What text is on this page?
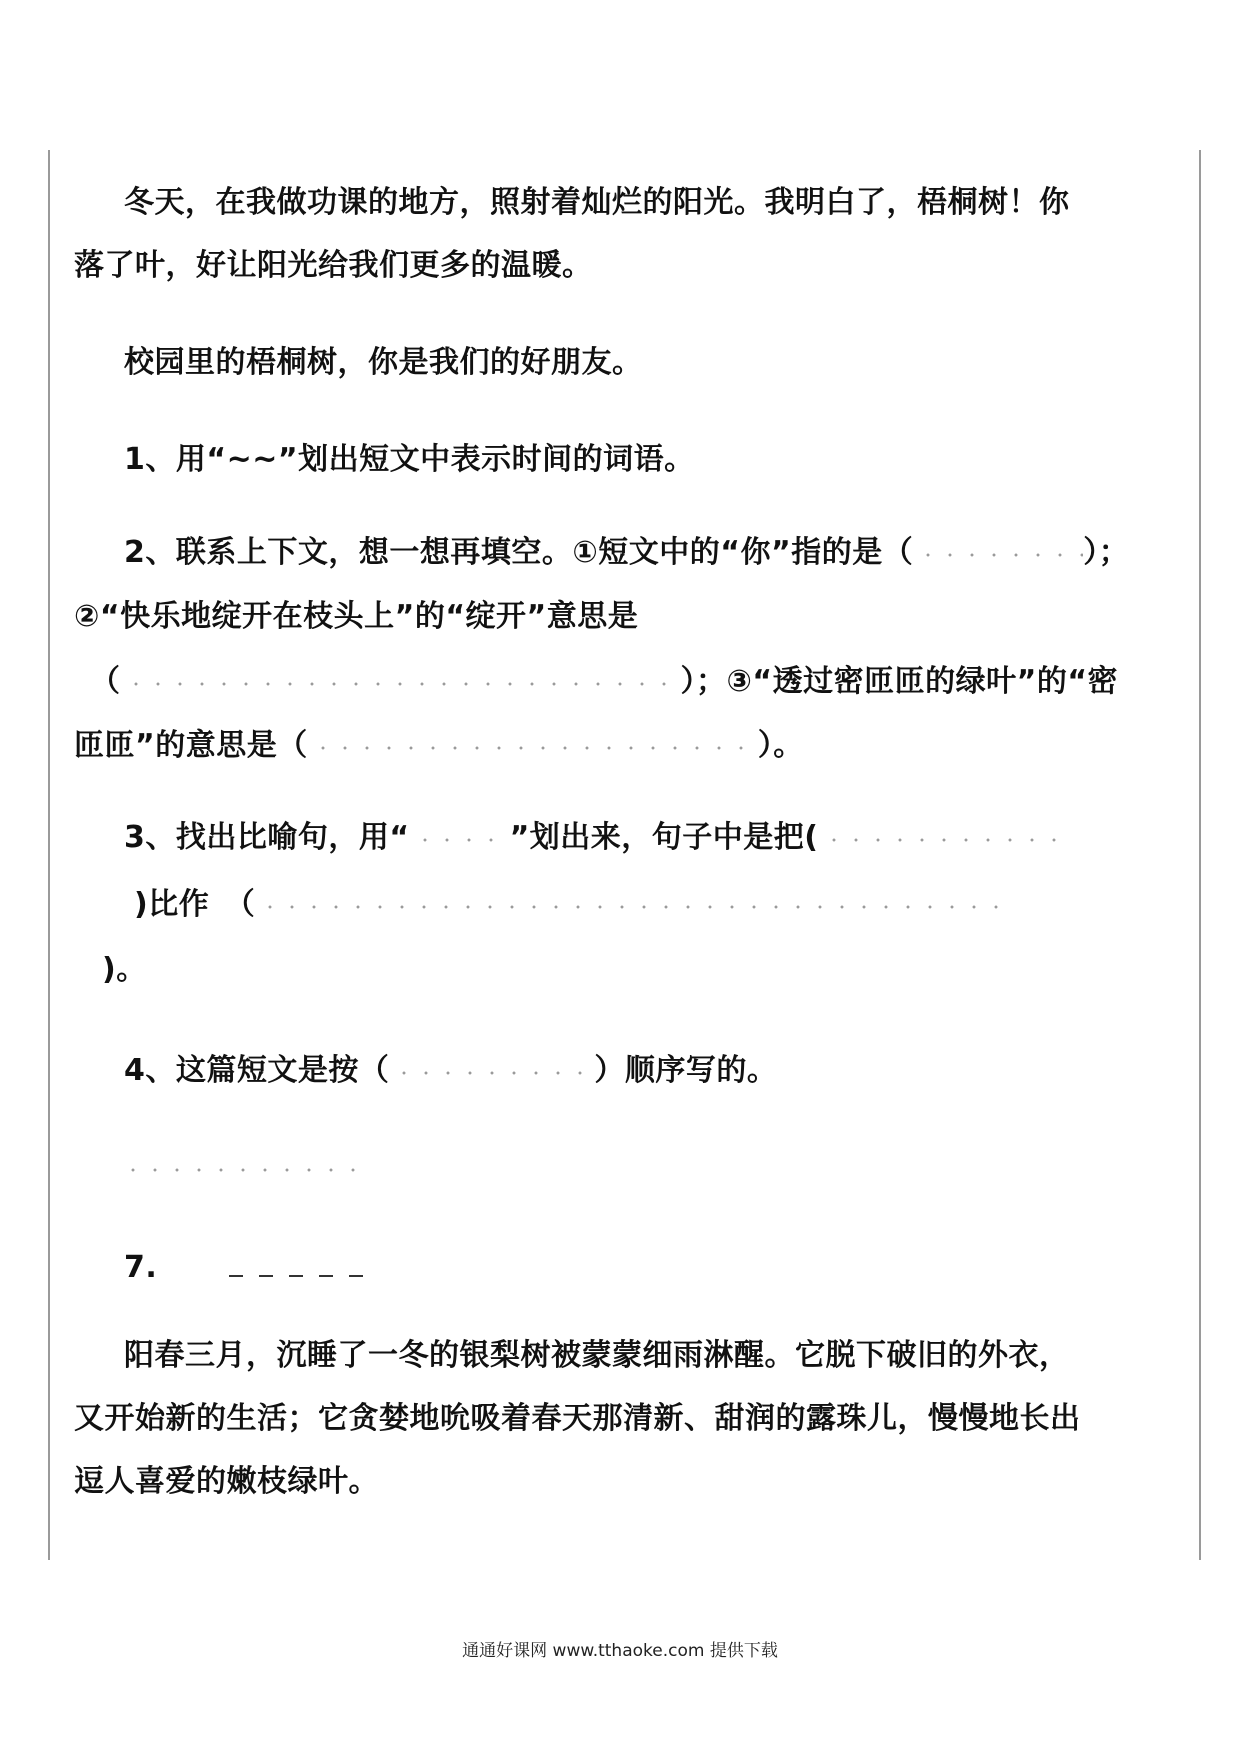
冬天，在我做功课的地方，照射着灿烂的阳光。我明白了，梧桐树！你
落了叶，好让阳光给我们更多的温暖。
校园里的梧桐树，你是我们的好朋友。
1、用“~~”划出短文中表示时间的词语。
2、联系上下文，想一想再填空。①短文中的“你”指的是（	）；
②“快乐地绽开在枝头上”的“绽开”意思是
（	）；③“透过密匝匝的绿叶”的“密
匝匝”的意思是（	）。
3、找出比喻句，用“	”划出来，句子中是把(
)比作　（
)。
4、这篇短文是按（	）顺序写的。
7.
阳春三月，沉睡了一冬的银梨树被蒙蒙细雨淋醒。它脱下破旧的外衣，
又开始新的生活；它贪婪地吮吸着春天那清新、甜润的露珠儿，慢慢地长出
逗人喜爱的嫩枝绿叶。
通通好课网 www.tthaoke.com 提供下载
